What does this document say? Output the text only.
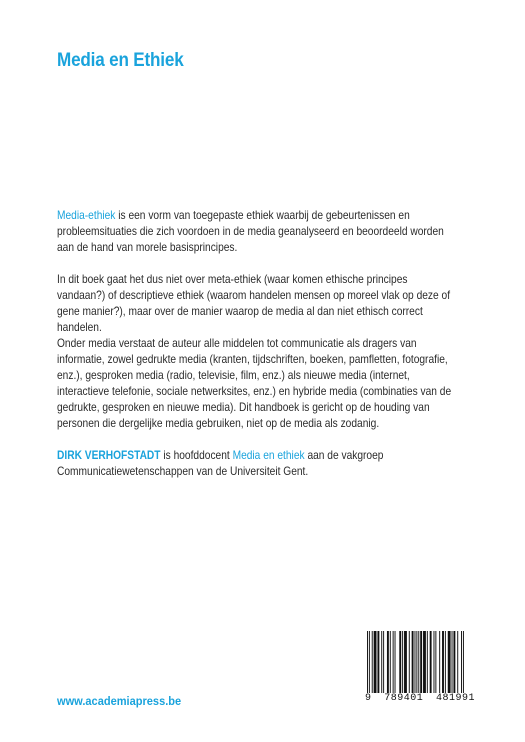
Media en Ethiek

Media-ethiek is een vorm van toegepaste ethiek waarbij de gebeurtenissen en probleemsituaties die zich voordoen in de media geanalyseerd en beoordeeld worden aan de hand van morele basisprincipes.

In dit boek gaat het dus niet over meta-ethiek (waar komen ethische principes vandaan?) of descriptieve ethiek (waarom handelen mensen op moreel vlak op deze of gene manier?), maar over de manier waarop de media al dan niet ethisch correct handelen.

Onder media verstaat de auteur alle middelen tot communicatie als dragers van informatie, zowel gedrukte media (kranten, tijdschriften, boeken, pamfletten, fotografie, enz.), gesproken media (radio, televisie, film, enz.) als nieuwe media (internet, interactieve telefonie, sociale netwerksites, enz.) en hybride media (combinaties van de gedrukte, gesproken en nieuwe media). Dit handboek is gericht op de houding van personen die dergelijke media gebruiken, niet op de media als zodanig.

DIRK VERHOFSTADT is hoofddocent Media en ethiek aan de vakgroep Communicatiewetenschappen van de Universiteit Gent.

9 789401 481991
www.academiapress.be
